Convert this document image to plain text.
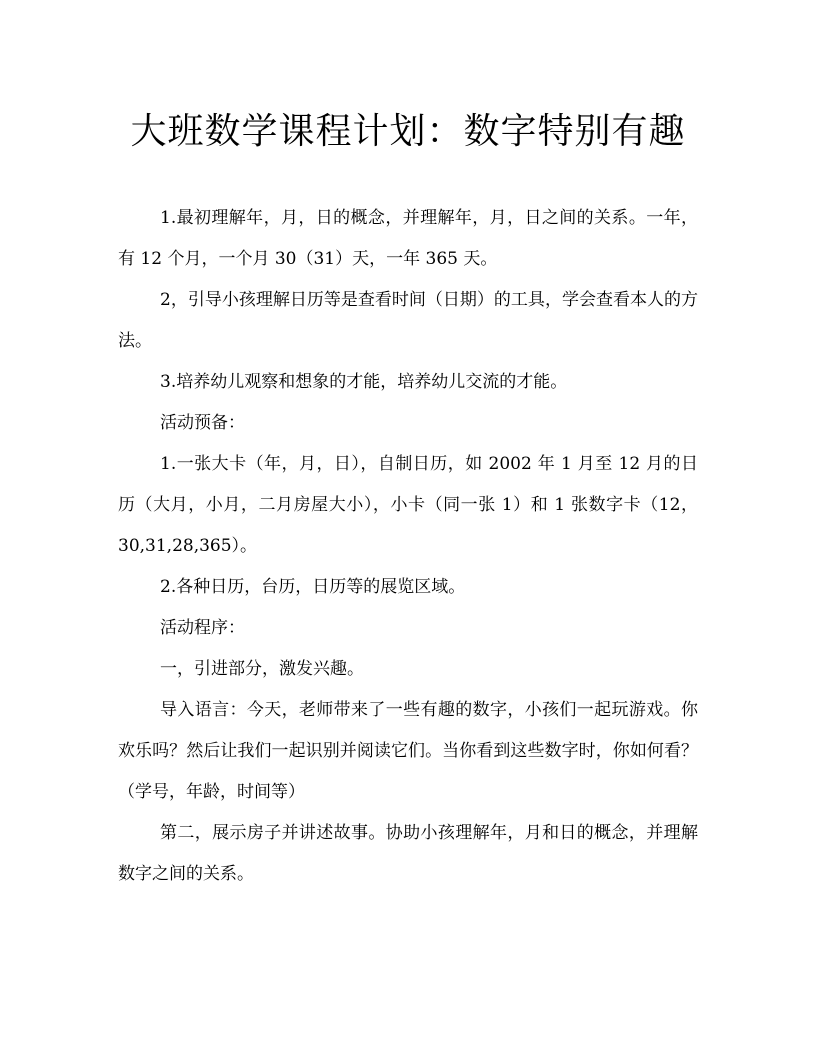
大班数学课程计划：数字特别有趣

1.最初理解年，月，日的概念，并理解年，月，日之间的关系。一年，有 12 个月，一个月 30（31）天，一年 365 天。

2，引导小孩理解日历等是查看时间（日期）的工具，学会查看本人的方法。

3.培养幼儿观察和想象的才能，培养幼儿交流的才能。

活动预备：

1.一张大卡（年，月，日），自制日历，如 2002 年 1 月至 12 月的日历（大月，小月，二月房屋大小），小卡（同一张 1）和 1 张数字卡（12， 30,31,28,365）。

2.各种日历，台历，日历等的展览区域。

活动程序：

一，引进部分，激发兴趣。

导入语言：今天，老师带来了一些有趣的数字，小孩们一起玩游戏。你欢乐吗？然后让我们一起识别并阅读它们。当你看到这些数字时，你如何看？ （学号，年龄，时间等）

第二，展示房子并讲述故事。协助小孩理解年，月和日的概念，并理解数字之间的关系。
